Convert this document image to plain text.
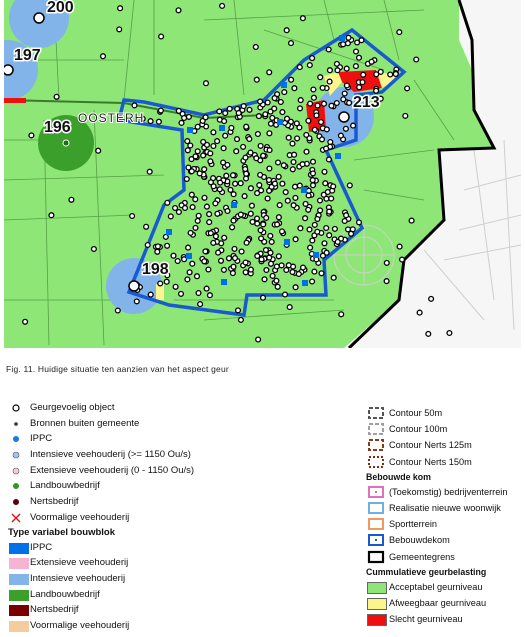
200
197
196
213
198
OOSTERH
Fig. 11. Huidige situatie ten aanzien van het aspect geur
Geurgevoelig object
Bronnen buiten gemeente
IPPC
Intensieve veehouderij (>= 1150 Ou/s)
Extensieve veehouderij (0 - 1150 Ou/s)
Landbouwbedrijf
Nertsbedrijf
Voormalige veehouderij
Type variabel bouwblok
IPPC
Extensieve veehouderij
Intensieve veehouderij
Landbouwbedrijf
Nertsbedrijf
Voormalige veehouderij
Contour 50m
Contour 100m
Contour Nerts 125m
Contour Nerts 150m
Bebouwde kom
(Toekomstig) bedrijventerrein
Realisatie nieuwe woonwijk
Sportterrein
Bebouwdekom
Gemeentegrens
Cummulatieve geurbelasting
Acceptabel geurniveau
Afweegbaar geurniveau
Slecht geurniveau
